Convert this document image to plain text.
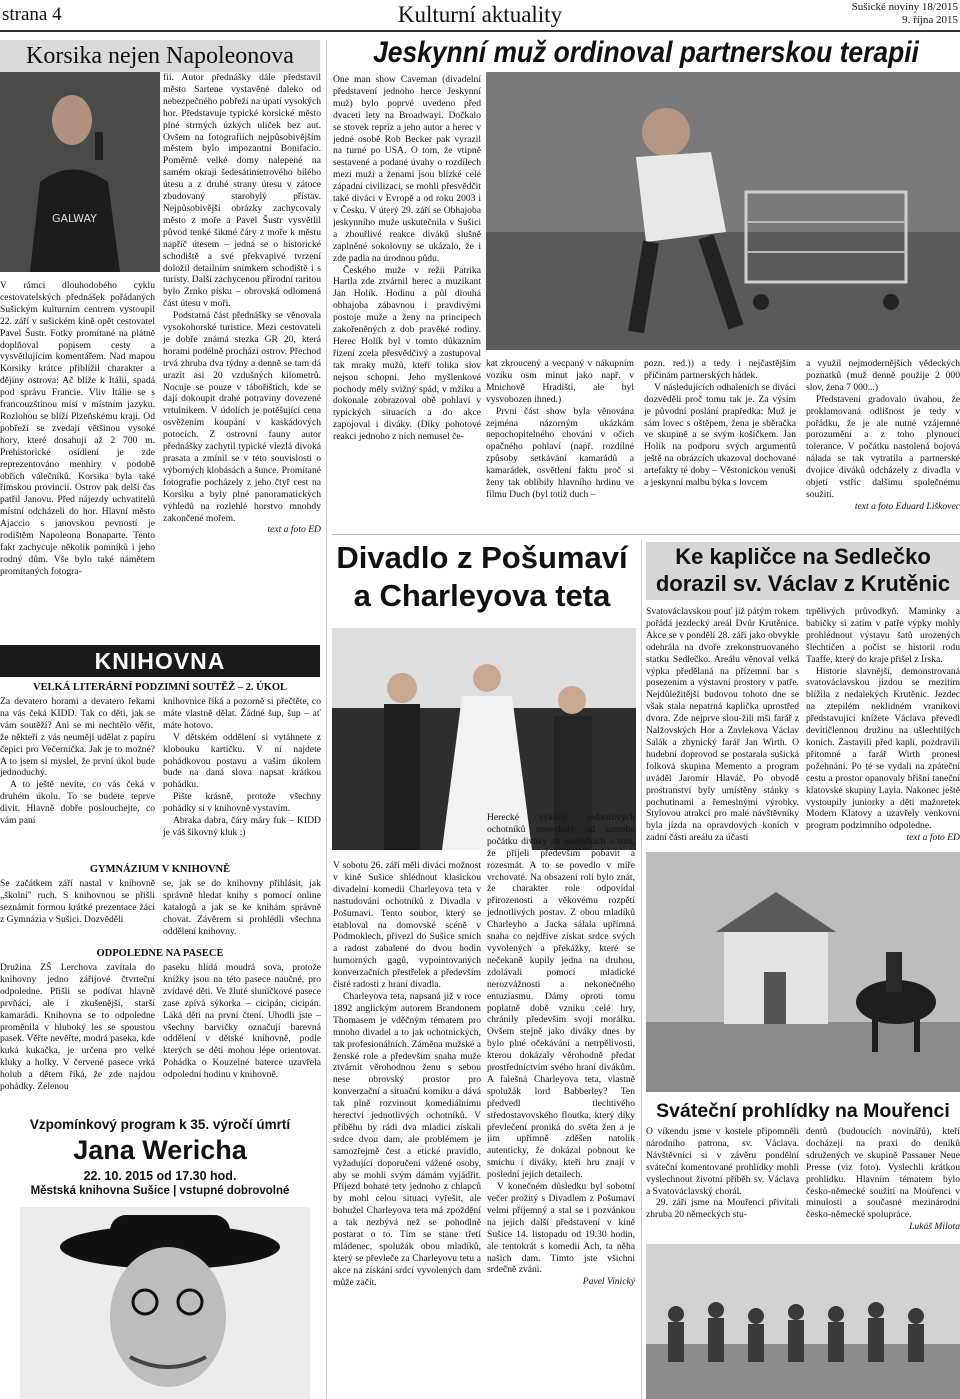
strana 4	Kulturní aktuality	Sušické noviny 18/2015
9. října 2015
Korsika nejen Napoleonova
GALWAY

V rámci dlouhodobého cyklu cestovatelských přednášek pořádaných Sušickým kulturním centrem vystoupil 22. září v sušickém kině opět cestovatel Pavel Šustr. Fotky promítané na plátně doplňoval popisem cesty a vysvětlujícím komentářem. Nad mapou Korsiky krátce přiblížil charakter a dějiny ostrova: Ač blíže k Itálii, spadá pod správu Francie. Vliv Itálie se s francouzštinou mísí v místním jazyku. Rozlohou se blíží Plzeňskému kraji. Od pobřeží se zvedají většinou vysoké hory, které dosahují až 2 700 m. Prehistorické osídlení je zde reprezentováno menhiry v podobě obřích válečníků. Korsika byla také římskou provincií. Ostrov pak delší čas patřil Janovu. Před nájezdy uchvatitelů místní odcházeli do hor. Hlavní město Ajaccio s janovskou pevností je rodištěm Napoleona Bonaparte. Tento fakt zachycuje několik pomníků i jeho rodný dům. Vše bylo také námětem promítaných fotogra-

fií. Autor přednášky dále představil město Sartene vystavěné daleko od nebezpečného pobřeží na úpatí vysokých hor. Představuje typické korsické město plné strmých úzkých uliček bez aut. Ovšem na fotografiích nejpůsobivějším městem bylo impozantní Bonifacio. Poměrně velké domy nalepené na samém okraji šedesátimetrového bílého útesu a z druhé strany útesu v zátoce zbudovaný starobylý přístav. Nejpůsobivější obrázky zachycovaly město z moře a Pavel Šustr vysvětlil původ tenké šikmé čáry z moře k městu napříč útesem – jedná se o historické schodiště a své překvapivé tvrzení doložil detailním snímkem schodiště i s turisty. Další zachycenou přírodní raritou bylo Zrnko písku – obrovská odlomená část útesu v moři.

Podstatná část přednášky se věnovala vysokohorské turistice. Mezi cestovateli je dobře známá stezka GR 20, která horami podélně prochází ostrov. Přechod trvá zhruba dva týdny a denně se tam dá urazit asi 20 vzdušných kilometrů. Nocuje se pouze v tábořištích, kde se dají dokoupit drahé potraviny dovezené vrtulníkem. V údolích je potěšující cena osvěžením koupání v kaskádových potocích. Z ostrovní fauny autor přednášky zachytil typické vlezlá divoká prasata a zmínil se v této souvislosti o výborných klobásách a šunce. Promítané fotografie pocházely z jeho čtyř cest na Korsiku a byly plné panoramatických výhledů na rozlehlé horstvo mnohdy zakončené mořem.

text a foto ED

KNIHOVNA
VELKÁ LITERÁRNÍ PODZIMNÍ SOUTĚŽ – 2. ÚKOL

Za devatero horami a devatero řekami na vás čeká KIDD. Tak co děti, jak se vám soutěží? Ani se mi nechtělo věřit, že někteří z vás neumějí udělat z papíru čepici pro Večerníčka. Jak je to možné? A to jsem si myslel, že první úkol bude jednoduchý.

A to ještě nevíte, co vás čeká v druhém úkolu. To se budete teprve divit. Hlavně dobře poslouchejte, co vám paní

knihovnice říká a pozorně si přečtěte, co máte vlastně dělat. Žádné šup, šup – ať máte hotovo.

V dětském oddělení si vytáhnete z klobouku kartičku. V ní najdete pohádkovou postavu a vaším úkolem bude na daná slova napsat krátkou pohádku.

Pište krásně, protože všechny pohádky si v knihovně vystavím.

Abraka dabra, čáry máry fuk – KIDD je váš šikovný kluk :)

GYMNÁZIUM V KNIHOVNĚ

Se začátkem září nastal v knihovně „školní" ruch. S knihovnou se přišli seznámit formou krátké prezentace žáci z Gymnázia v Sušici. Dozvěděli

se, jak se do knihovny přihlásit, jak správně hledat knihy s pomocí online katalogů a jak se ke knihám správně chovat. Závěrem si prohlédli všechna oddělení knihovny.

ODPOLEDNE NA PASECE

Družina ZŠ Lerchova zavítala do knihovny jedno zářijové čtvrteční odpoledne. Přišli se podívat hlavně prvňáci, ale i zkušenější, starší kamarádi. Knihovna se to odpoledne proměnila v hluboký les se spoustou pasek. Věřte nevěřte, modrá paseka, kde kuká kukačka, je určena pro velké kluky a holky. V červené pasece vrká holub a dětem říká, že zde najdou pohádky. Zelenou

paseku hlídá moudrá sova, protože knížky jsou na této pasece naučné, pro zvídavé děti. Ve žluté sluníčkové pasece zase zpívá sýkorka – cicipán, cicipán. Láká děti na první čtení. Uhodli jste – všechny barvičky označují barevná oddělení v dětské knihovně, podle kterých se děti mohou lépe orientovat. Pohádka o Kouzelné baterce uzavřela odpolední hodinu v knihovně.

Vzpomínkový program k 35. výročí úmrtí
Jana Wericha
22. 10. 2015 od 17.30 hod.
Městská knihovna Sušice | vstupné dobrovolné
Jeskynní muž ordinoval partnerskou terapii

One man show Caveman (divadelní představení jednoho herce Jeskynní muž) bylo poprvé uvedeno před dvaceti lety na Broadwayi. Dočkalo se stovek repríz a jeho autor a herec v jedné osobě Rob Becker pak vyrazil na turné po USA. O tom, že vtipně sestavené a podané úvahy o rozdílech mezi muži a ženami jsou blízké celé západní civilizaci, se mohli přesvědčit také diváci v Evropě a od roku 2003 i v Česku. V úterý 29. září se Obhajoba jeskynního muže uskutečnila v Sušici a zbouřlivé reakce diváků slušně zaplněné sokolovny se ukázalo, že i zde padla na úrodnou půdu.

Českého muže v režii Patrika Hartla zde ztvárnil herec a muzikant Jan Holík. Hodinu a půl dlouhá obhajoba zábavnou i pravdivými postoje muže a ženy na principech zakořeněných z dob pravěké rodiny. Herec Holík byl v tomto důkazním řízení zcela přesvědčivý a zastupoval tak mraky mužů, kteří tolika slov nejsou schopni. Jeho myšlenkové pochody měly svižný spád, v mžiku a dokonale zobrazoval obě pohlaví v typických situacích a do akce zapojoval i diváky. (Díky pohotové reakci jednoho z nich nemusel če-

kat zkroucený a vecpaný v nákupním vozíku osm minut jako např. v Mnichově Hradišti, ale byl vysvobozen ihned.)

První část show byla věnována zejména názorným ukázkám nepochopitelného chování v očích opačného pohlaví (např. rozdílné způsoby setkávání kamarádů a kamarádek, osvětlení faktu proč si ženy tak oblíbily hlavního hrdinu ve filmu Duch (byl totiž duch –

pozn. red.)) a tedy i nejčastějším příčinám partnerských hádek.

V následujících odhaleních se diváci dozvěděli proč tomu tak je. Za výsím je původní poslání prapředka: Muž je sám lovec s oštěpem, žena je sběračka ve skupině a se svým košíčkem. Jan Holík na podporu svých argumentů ještě na obrázcích ukazoval dochované artefakty té doby – Věstonickou venuši a jeskynní malbu býka s lovcem

a využil nejmodernějších vědeckých poznatků (muž denně použije 2 000 slov, žena 7 000...)

Představení gradovalo úvahou, že proklamovaná odlišnost je tedy v pořádku, že je ale nutné vzájemné porozumění a z toho plynoucí tolerance. V počátku nastolená bojová nálada se tak vytratila a partnerské dvojice diváků odcházely z divadla v objetí vstříc dalšímu společnému soužití.

text a foto Eduard Liškovec

Divadlo z Pošumaví
a Charleyova teta

V sobotu 26. září měli diváci možnost v kině Sušice shlédnout klasickou divadelní komedii Charleyova teta v nastudování ochotníků z Divadla v Pošumaví. Tento soubor, který se etabloval na domovské scéně v Podmoklech, přivezl do Sušice smích a radost zabalené do dvou hodin humorných gagů, vypointovaných konverzačních přestřelek a především čisté radosti z hraní divadla.

Charleyova teta, napsaná již v roce 1892 anglickým autorem Brandonem Thomasem je vděčným tématem pro mnoho divadel a to jak ochotnických, tak profesionálních. Záměna mužské a ženské role a především snaha muže ztvárnit věrohodnou ženu s sebou nese obrovský prostor pro konverzační a situační komiku a dává tak plně rozvinout komediálnímu herectví jednotlivých ochotníků. V příběhu by rádi dva mladíci získali srdce dvou dam, ale problémem je samozřejmě čest a etické pravidlo, vyžadující doporučení vážené osoby, aby se mohli svým dámám vyjádřit. Příjezd bohaté tety jednoho z chlapců by mohl celou situaci vyřešit, ale bohužel Charleyova teta má zpoždění a tak nezbývá než se pohodlně postarat o to. Tím se stane třetí mládenec, spolužák obou mladíků, který se převleče za Charleyovu tetu a akce na získání srdcí vyvolených dam může začít.

Herecké výkony jednotlivých ochotníků nenechaly od samého počátku diváky na pochybách o tom, že přijeli především pobavit a rozesmát. A to se povedlo v míře vrchovaté. Na obsazení rolí bylo znát, že charakter role odpovídal přirozenosti a věkovému rozpětí jednotlivých postav. Z obou mladíků Charleyho a Jacka sálala upřímná snaha co nejdříve získat srdce svých vyvolených a překážky, které se nečekaně kupily jedna na druhou, zdolávali pomocí mladické nerozvážnosti a nekonečného entuziasmu. Dámy oproti tomu poplatně době vzniku celé hry, chránily především svoji morálku. Ovšem stejně jako diváky dnes by bylo plné očekávání a netrpělivosti, kterou dokázaly věrohodně předat prostředníctvím svého hraní divákům. A falešná Charleyova teta, vlastně spolužák lord Babberley? Ten předvedl tlechtivého středostavovského floutka, který díky převlečení proniká do světa žen a je jim upřímně zděšen natolik autenticky, že dokázal pobnout ke smíchu i diváky, kteří hru znají v poslední jejích detailech.

V konečném důsledku byl sobotní večer prožitý s Divadlem z Pošumaví velmi příjemný a stal se i pozvánkou na jejich další představení v kině Sušice 14. listopadu od 19.30 hodin, ale tentokrát s komedií Ach, ta něha našich dam. Tímto jste všichni srdečně zváni.

Pavel Vinický

Ke kapličce na Sedlečko
dorazil sv. Václav z Krutěnic

Svatováclavskou pouť již pátým rokem pořádá jezdecký areál Dvůr Krutěnice. Akce se v pondělí 28. září jako obvykle odehrála na dvoře zrekonstruovaného statku Sedlečko. Areálu věnoval velká výpka předělaná na přízemní bar s posezením a výstavní prostory v patře. Nejdůležitější budovou tohoto dne se však stala nepatrná kaplička uprostřed dvora. Zde nejprve slou-žili mši farář z Nalžovských Hor a Zavlekova Václav Salák a zbynický farář Jan Wirth. O hudební doprovod se postarala sušická folková skupina Memento a program uváděl Jaromír Hlaváč. Po obvodě prostranství byly umístěny stánky s pochutinami a řemeslnými výrobky. Stylovou atrakcí pro malé návštěvníky byla jízda na opravdových koních v zadní části areálu za účasti

trpělivých průvodkyň. Maminky a babičky si zatím v patře výpky mohly prohlédnout výstavu šatů urozených šlechtičen a počíst se historii rodu Taaffe, který do kraje přišel z Irska.

Historie slavnější, demonstrovaná svatováclavskou jízdou se mezitím blížila z nedalekých Krutěnic. Jezdec na ztepilém neklidném vraníkovi představující knížete Václava převedl devítičlennou družinu na ušlechtilých koních. Zastavili před kaplí, pozdravili přítomné a farář Wirth pronesl požehnání. Po té se vydali na zpáteční cestu a prostor opanovaly břišní taneční klatovské skupiny Layla. Nakonec ještě vystoupily juniorky a děti mažoretek Modern Klatovy a uzavřely venkovní program podzimního odpoledne.

text a foto ED

Sváteční prohlídky na Mouřenci

O víkendu jsme v kostele připomněli národního patrona, sv. Václava. Návštěvníci si v závěru pondělní sváteční komentované prohlídky mohli vyslechnout životní příběh sv. Václava a Svatováclavský chorál.

29. září jsme na Mouřenci přivítali zhruba 20 německých stu-

dentů (budoucích novinářů), kteří docházejí na praxi do deníků sdružených ve skupině Passauer Neue Presse (viz foto). Vyslechli krátkou prohlídku. Hlavním tématem bylo česko-německé soužití na Mouřenci v minulosti a současné mezinárodní česko-německé spolupráce.

Lukáš Milota
